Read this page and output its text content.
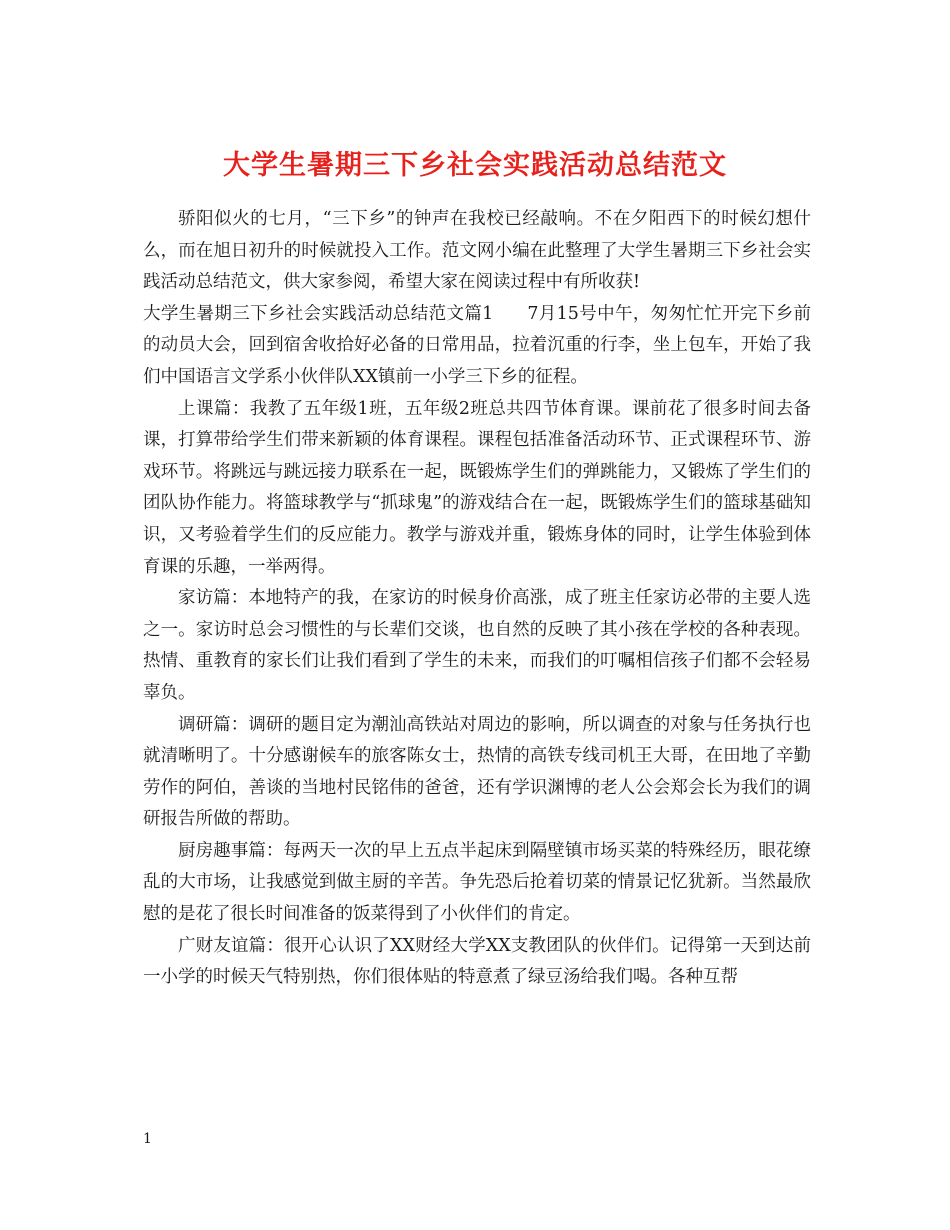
大学生暑期三下乡社会实践活动总结范文

骄阳似火的七月，“三下乡”的钟声在我校已经敲响。不在夕阳西下的时候幻想什么，而在旭日初升的时候就投入工作。范文网小编在此整理了大学生暑期三下乡社会实践活动总结范文，供大家参阅，希望大家在阅读过程中有所收获!

大学生暑期三下乡社会实践活动总结范文篇1 7月15号中午，匆匆忙忙开完下乡前的动员大会，回到宿舍收拾好必备的日常用品，拉着沉重的行李，坐上包车，开始了我们中国语言文学系小伙伴队XX镇前一小学三下乡的征程。

上课篇：我教了五年级1班，五年级2班总共四节体育课。课前花了很多时间去备课，打算带给学生们带来新颖的体育课程。课程包括准备活动环节、正式课程环节、游戏环节。将跳远与跳远接力联系在一起，既锻炼学生们的弹跳能力，又锻炼了学生们的团队协作能力。将篮球教学与“抓球鬼”的游戏结合在一起，既锻炼学生们的篮球基础知识，又考验着学生们的反应能力。教学与游戏并重，锻炼身体的同时，让学生体验到体育课的乐趣，一举两得。

家访篇：本地特产的我，在家访的时候身价高涨，成了班主任家访必带的主要人选之一。家访时总会习惯性的与长辈们交谈，也自然的反映了其小孩在学校的各种表现。热情、重教育的家长们让我们看到了学生的未来，而我们的叮嘱相信孩子们都不会轻易辜负。

调研篇：调研的题目定为潮汕高铁站对周边的影响，所以调查的对象与任务执行也就清晰明了。十分感谢候车的旅客陈女士，热情的高铁专线司机王大哥，在田地了辛勤劳作的阿伯，善谈的当地村民铭伟的爸爸，还有学识渊博的老人公会郑会长为我们的调研报告所做的帮助。

厨房趣事篇：每两天一次的早上五点半起床到隔壁镇市场买菜的特殊经历，眼花缭乱的大市场，让我感觉到做主厨的辛苦。争先恐后抢着切菜的情景记忆犹新。当然最欣慰的是花了很长时间准备的饭菜得到了小伙伴们的肯定。

广财友谊篇：很开心认识了XX财经大学XX支教团队的伙伴们。记得第一天到达前一小学的时候天气特别热，你们很体贴的特意煮了绿豆汤给我们喝。各种互帮

1
